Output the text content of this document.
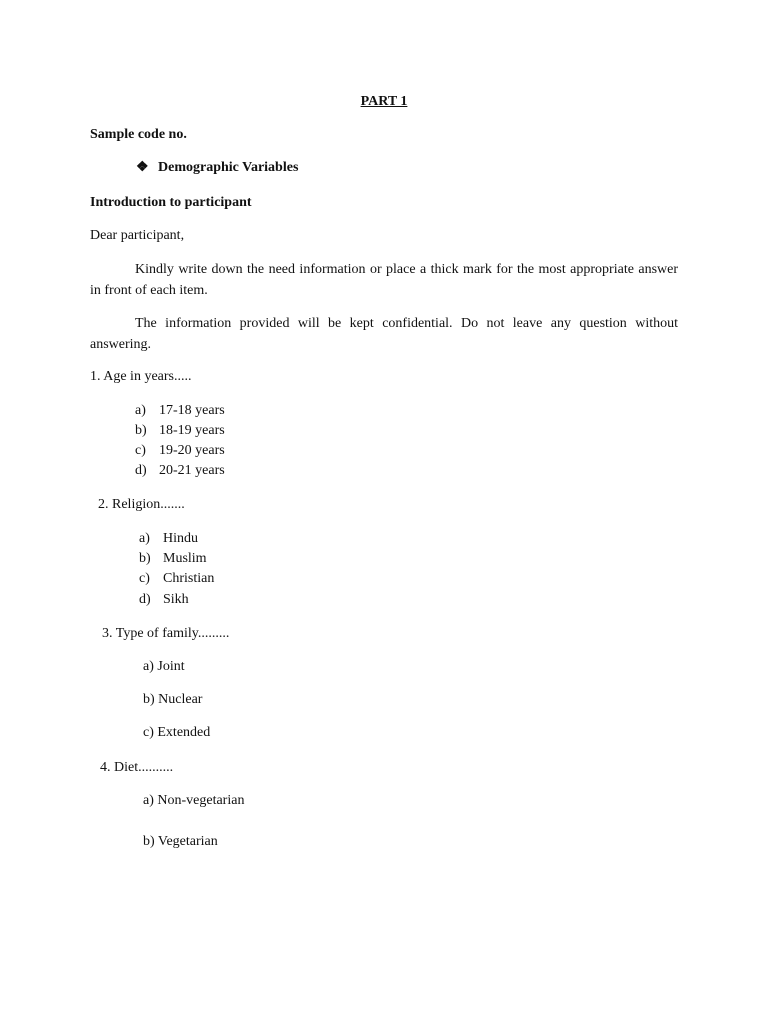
PART 1
Sample code no.
❖ Demographic Variables
Introduction to participant
Dear participant,
Kindly write down the need information or place a thick mark for the most appropriate answer in front of each item.
The information provided will be kept confidential. Do not leave any question without answering.
1. Age in years.....
a) 17-18 years
b) 18-19 years
c) 19-20 years
d) 20-21 years
2. Religion.......
a) Hindu
b) Muslim
c) Christian
d) Sikh
3. Type of family.........
a) Joint
b) Nuclear
c) Extended
4. Diet..........
a) Non-vegetarian
b) Vegetarian
